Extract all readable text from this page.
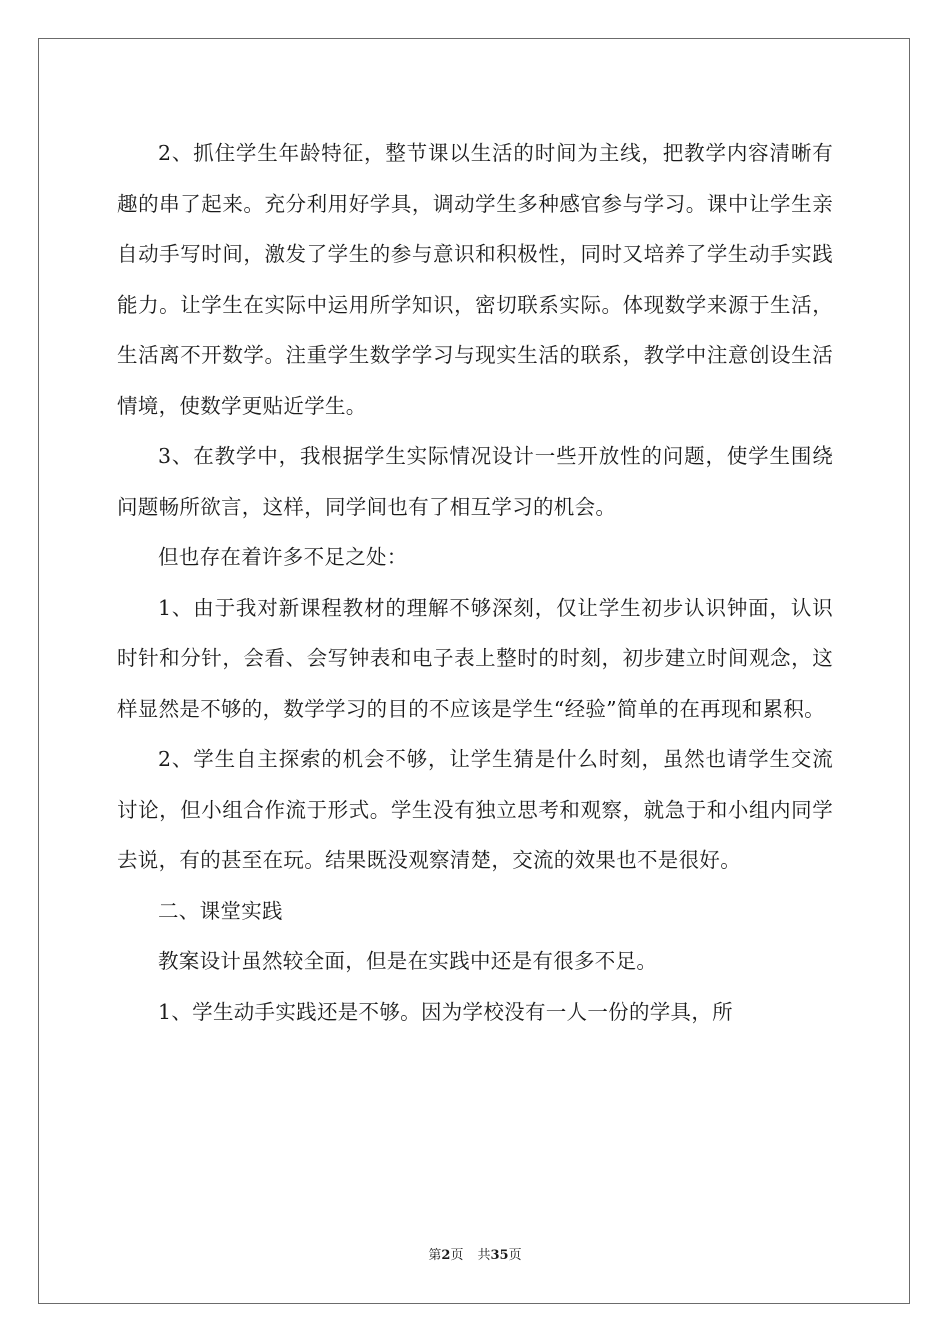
2、抓住学生年龄特征，整节课以生活的时间为主线，把教学内容清晰有趣的串了起来。充分利用好学具，调动学生多种感官参与学习。课中让学生亲自动手写时间，激发了学生的参与意识和积极性，同时又培养了学生动手实践能力。让学生在实际中运用所学知识，密切联系实际。体现数学来源于生活，生活离不开数学。注重学生数学学习与现实生活的联系，教学中注意创设生活情境，使数学更贴近学生。

3、在教学中，我根据学生实际情况设计一些开放性的问题，使学生围绕问题畅所欲言，这样，同学间也有了相互学习的机会。

但也存在着许多不足之处：

1、由于我对新课程教材的理解不够深刻，仅让学生初步认识钟面，认识时针和分针，会看、会写钟表和电子表上整时的时刻，初步建立时间观念，这样显然是不够的，数学学习的目的不应该是学生“经验”简单的在再现和累积。

2、学生自主探索的机会不够，让学生猜是什么时刻，虽然也请学生交流讨论，但小组合作流于形式。学生没有独立思考和观察，就急于和小组内同学去说，有的甚至在玩。结果既没观察清楚，交流的效果也不是很好。

二、课堂实践

教案设计虽然较全面，但是在实践中还是有很多不足。

1、学生动手实践还是不够。因为学校没有一人一份的学具，所

第2页 共35页
